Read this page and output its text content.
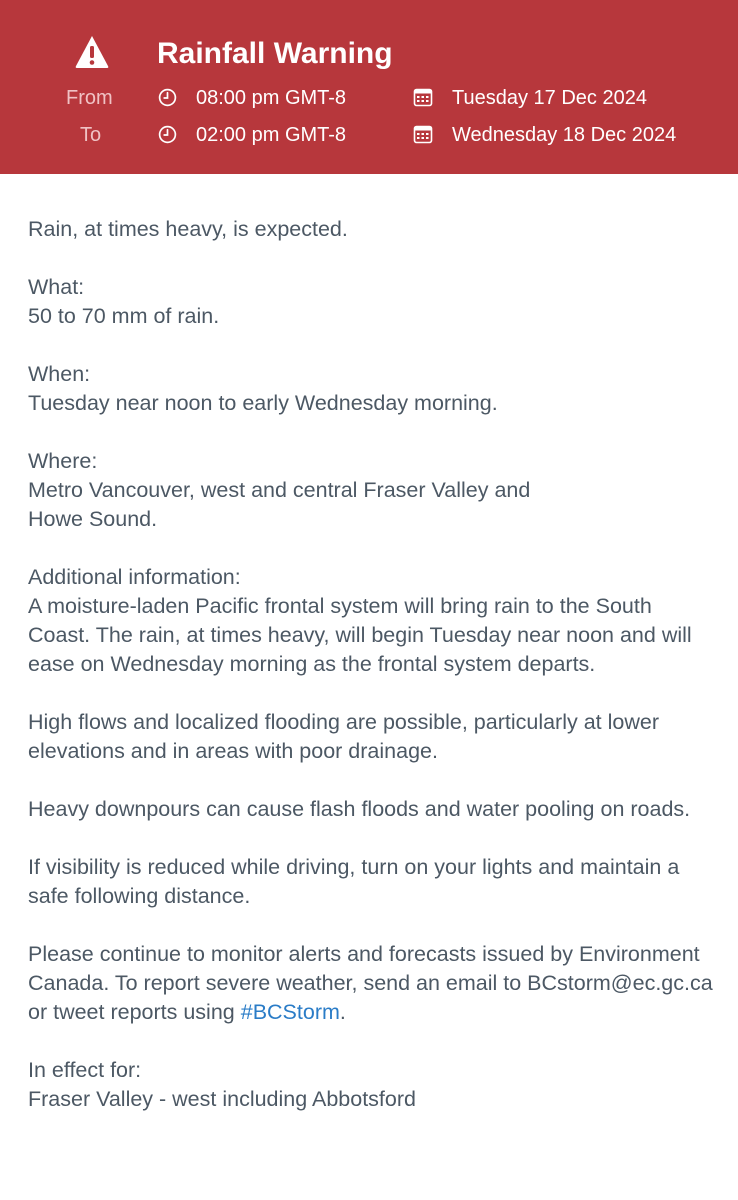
Rainfall Warning
From	08:00 pm GMT-8	Tuesday 17 Dec 2024
To	02:00 pm GMT-8	Wednesday 18 Dec 2024

Rain, at times heavy, is expected.

What:

50 to 70 mm of rain.

When:

Tuesday near noon to early Wednesday morning.

Where:

Metro Vancouver, west and central Fraser Valley and

Howe Sound.

Additional information:

A moisture-laden Pacific frontal system will bring rain to the South Coast. The rain, at times heavy, will begin Tuesday near noon and will ease on Wednesday morning as the frontal system departs.

High flows and localized flooding are possible, particularly at lower elevations and in areas with poor drainage.

Heavy downpours can cause flash floods and water pooling on roads.

If visibility is reduced while driving, turn on your lights and maintain a safe following distance.

Please continue to monitor alerts and forecasts issued by Environment Canada. To report severe weather, send an email to BCstorm@ec.gc.ca or tweet reports using #BCStorm.

In effect for:

Fraser Valley - west including Abbotsford
